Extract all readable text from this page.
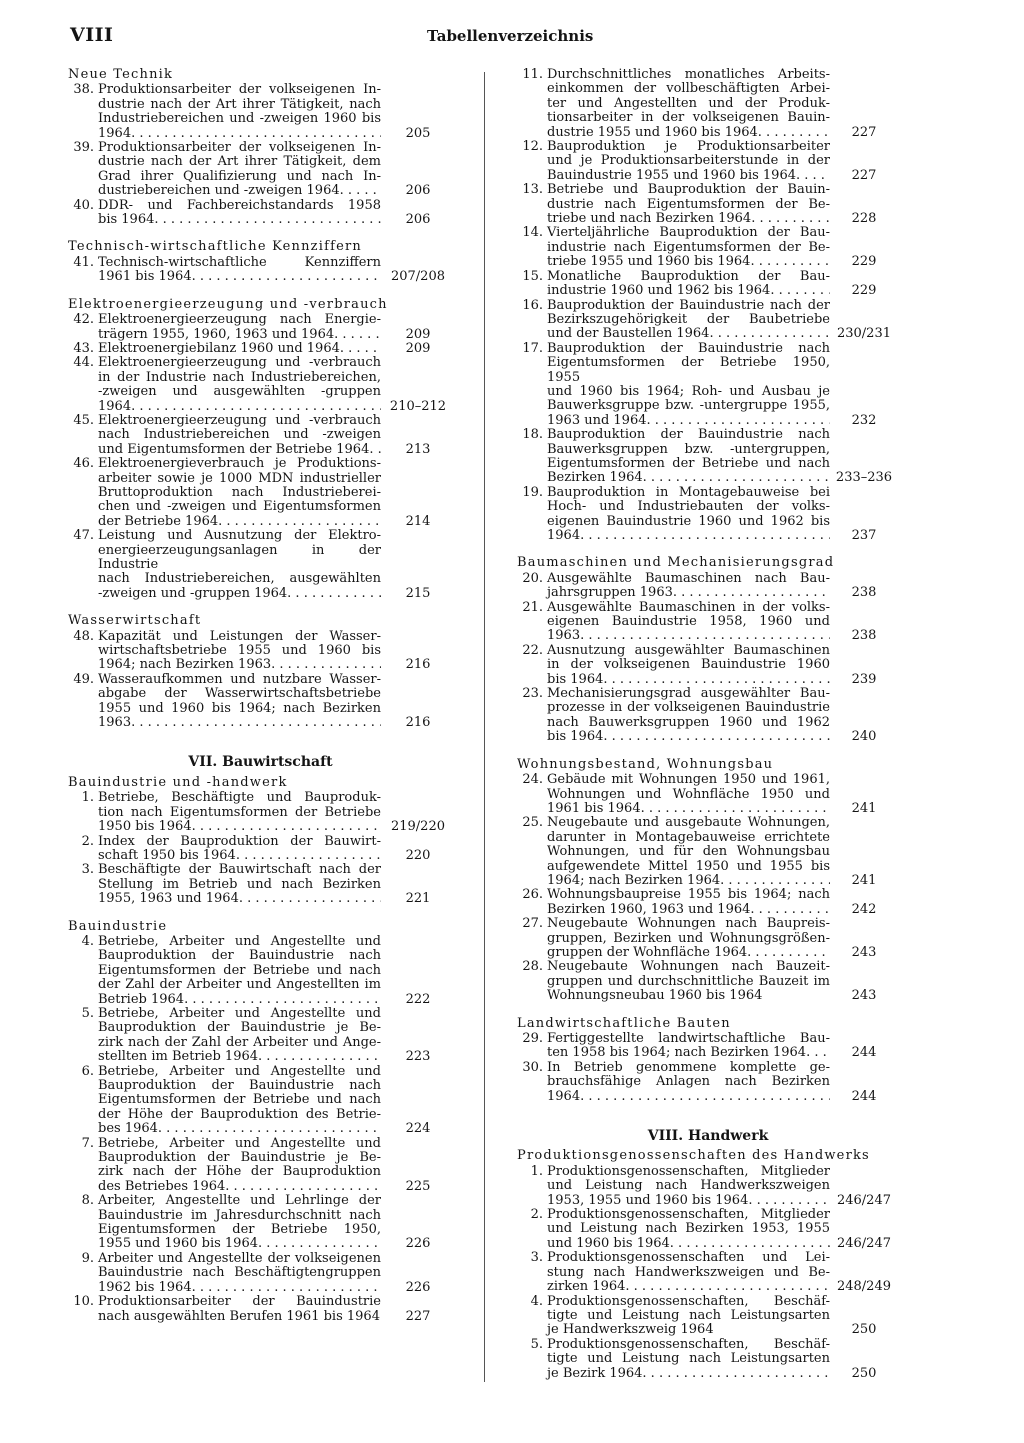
VIII	Tabellenverzeichnis
Neue Technik
38. Produktionsarbeiter der volkseigenen In-
dustrie nach der Art ihrer Tätigkeit, nach
Industriebereichen und -zweigen 1960 bis
1964 . . .	205
39. Produktionsarbeiter der volkseigenen In-
dustrie nach der Art ihrer Tätigkeit, dem
Grad ihrer Qualifizierung und nach In-
dustriebereichen und -zweigen 1964 . . .	206
40. DDR- und Fachbereichstandards 1958
bis 1964 . . .	206
Technisch-wirtschaftliche Kennziffern
41. Technisch-wirtschaftliche Kennziffern
1961 bis 1964 . . .	207/208
Elektroenergieerzeugung und -verbrauch
42. Elektroenergieerzeugung nach Energie-
trägern 1955, 1960, 1963 und 1964 . . .	209
43. Elektroenergiebilanz 1960 und 1964 . . .	209
44. Elektroenergieerzeugung und -verbrauch
in der Industrie nach Industriebereichen,
-zweigen und ausgewählten -gruppen
1964 . . .	210–212
45. Elektroenergieerzeugung und -verbrauch
nach Industriebereichen und -zweigen
und Eigentumsformen der Betriebe 1964 . . .	213
46. Elektroenergieverbrauch je Produktions-
arbeiter sowie je 1000 MDN industrieller
Bruttoproduktion nach Industrieberei-
chen und -zweigen und Eigentumsformen
der Betriebe 1964 . . .	214
47. Leistung und Ausnutzung der Elektro-
energieerzeugungsanlagen in der Industrie
nach Industriebereichen, ausgewählten
-zweigen und -gruppen 1964 . . .	215
Wasserwirtschaft
48. Kapazität und Leistungen der Wasser-
wirtschaftsbetriebe 1955 und 1960 bis
1964; nach Bezirken 1963 . . .	216
49. Wasseraufkommen und nutzbare Wasser-
abgabe der Wasserwirtschaftsbetriebe
1955 und 1960 bis 1964; nach Bezirken
1963 . . .	216
VII. Bauwirtschaft
Bauindustrie und -handwerk
1. Betriebe, Beschäftigte und Bauproduk-
tion nach Eigentumsformen der Betriebe
1950 bis 1964 . . .	219/220
2. Index der Bauproduktion der Bauwirt-
schaft 1950 bis 1964 . . .	220
3. Beschäftigte der Bauwirtschaft nach der
Stellung im Betrieb und nach Bezirken
1955, 1963 und 1964 . . .	221
Bauindustrie
4. Betriebe, Arbeiter und Angestellte und
Bauproduktion der Bauindustrie nach
Eigentumsformen der Betriebe und nach
der Zahl der Arbeiter und Angestellten im
Betrieb 1964 . . .	222
5. Betriebe, Arbeiter und Angestellte und
Bauproduktion der Bauindustrie je Be-
zirk nach der Zahl der Arbeiter und Ange-
stellten im Betrieb 1964 . . .	223
6. Betriebe, Arbeiter und Angestellte und
Bauproduktion der Bauindustrie nach
Eigentumsformen der Betriebe und nach
der Höhe der Bauproduktion des Betrie-
bes 1964 . . .	224
7. Betriebe, Arbeiter und Angestellte und
Bauproduktion der Bauindustrie je Be-
zirk nach der Höhe der Bauproduktion
des Betriebes 1964 . . .	225
8. Arbeiter, Angestellte und Lehrlinge der
Bauindustrie im Jahresdurchschnitt nach
Eigentumsformen der Betriebe 1950,
1955 und 1960 bis 1964 . . .	226
9. Arbeiter und Angestellte der volkseigenen
Bauindustrie nach Beschäftigtengruppen
1962 bis 1964 . . .	226
10. Produktionsarbeiter der Bauindustrie
nach ausgewählten Berufen 1961 bis 1964	227
11. Durchschnittliches monatliches Arbeits-
einkommen der vollbeschäftigten Arbei-
ter und Angestellten und der Produk-
tionsarbeiter in der volkseigenen Bauin-
dustrie 1955 und 1960 bis 1964 . . .	227
12. Bauproduktion je Produktionsarbeiter
und je Produktionsarbeiterstunde in der
Bauindustrie 1955 und 1960 bis 1964 . . .	227
13. Betriebe und Bauproduktion der Bauin-
dustrie nach Eigentumsformen der Be-
triebe und nach Bezirken 1964 . . .	228
14. Vierteljährliche Bauproduktion der Bau-
industrie nach Eigentumsformen der Be-
triebe 1955 und 1960 bis 1964 . . .	229
15. Monatliche Bauproduktion der Bau-
industrie 1960 und 1962 bis 1964 . . .	229
16. Bauproduktion der Bauindustrie nach der
Bezirkszugehörigkeit der Baubetriebe
und der Baustellen 1964 . . .	230/231
17. Bauproduktion der Bauindustrie nach
Eigentumsformen der Betriebe 1950, 1955
und 1960 bis 1964; Roh- und Ausbau je
Bauwerksgruppe bzw. -untergruppe 1955,
1963 und 1964 . . .	232
18. Bauproduktion der Bauindustrie nach
Bauwerksgruppen bzw. -untergruppen,
Eigentumsformen der Betriebe und nach
Bezirken 1964 . . .	233–236
19. Bauproduktion in Montagebauweise bei
Hoch- und Industriebauten der volks-
eigenen Bauindustrie 1960 und 1962 bis
1964 . . .	237
Baumaschinen und Mechanisierungsgrad
20. Ausgewählte Baumaschinen nach Bau-
jahrsgruppen 1963 . . .	238
21. Ausgewählte Baumaschinen in der volks-
eigenen Bauindustrie 1958, 1960 und
1963 . . .	238
22. Ausnutzung ausgewählter Baumaschinen
in der volkseigenen Bauindustrie 1960
bis 1964 . . .	239
23. Mechanisierungsgrad ausgewählter Bau-
prozesse in der volkseigenen Bauindustrie
nach Bauwerksgruppen 1960 und 1962
bis 1964 . . .	240
Wohnungsbestand, Wohnungsbau
24. Gebäude mit Wohnungen 1950 und 1961,
Wohnungen und Wohnfläche 1950 und
1961 bis 1964 . . .	241
25. Neugebaute und ausgebaute Wohnungen,
darunter in Montagebauweise errichtete
Wohnungen, und für den Wohnungsbau
aufgewendete Mittel 1950 und 1955 bis
1964; nach Bezirken 1964 . . .	241
26. Wohnungsbaupreise 1955 bis 1964; nach
Bezirken 1960, 1963 und 1964 . . .	242
27. Neugebaute Wohnungen nach Baupreis-
gruppen, Bezirken und Wohnungsgrößen-
gruppen der Wohnfläche 1964 . . .	243
28. Neugebaute Wohnungen nach Bauzeit-
gruppen und durchschnittliche Bauzeit im
Wohnungsneubau 1960 bis 1964	243
Landwirtschaftliche Bauten
29. Fertiggestellte landwirtschaftliche Bau-
ten 1958 bis 1964; nach Bezirken 1964 . . .	244
30. In Betrieb genommene komplette ge-
brauchsfähige Anlagen nach Bezirken
1964 . . .	244
VIII. Handwerk
Produktionsgenossenschaften des Handwerks
1. Produktionsgenossenschaften, Mitglieder
und Leistung nach Handwerkszweigen
1953, 1955 und 1960 bis 1964 . . .	246/247
2. Produktionsgenossenschaften, Mitglieder
und Leistung nach Bezirken 1953, 1955
und 1960 bis 1964 . . .	246/247
3. Produktionsgenossenschaften und Lei-
stung nach Handwerkszweigen und Be-
zirken 1964 . . .	248/249
4. Produktionsgenossenschaften, Beschäf-
tigte und Leistung nach Leistungsarten
je Handwerkszweig 1964	250
5. Produktionsgenossenschaften, Beschäf-
tigte und Leistung nach Leistungsarten
je Bezirk 1964 . . .	250
